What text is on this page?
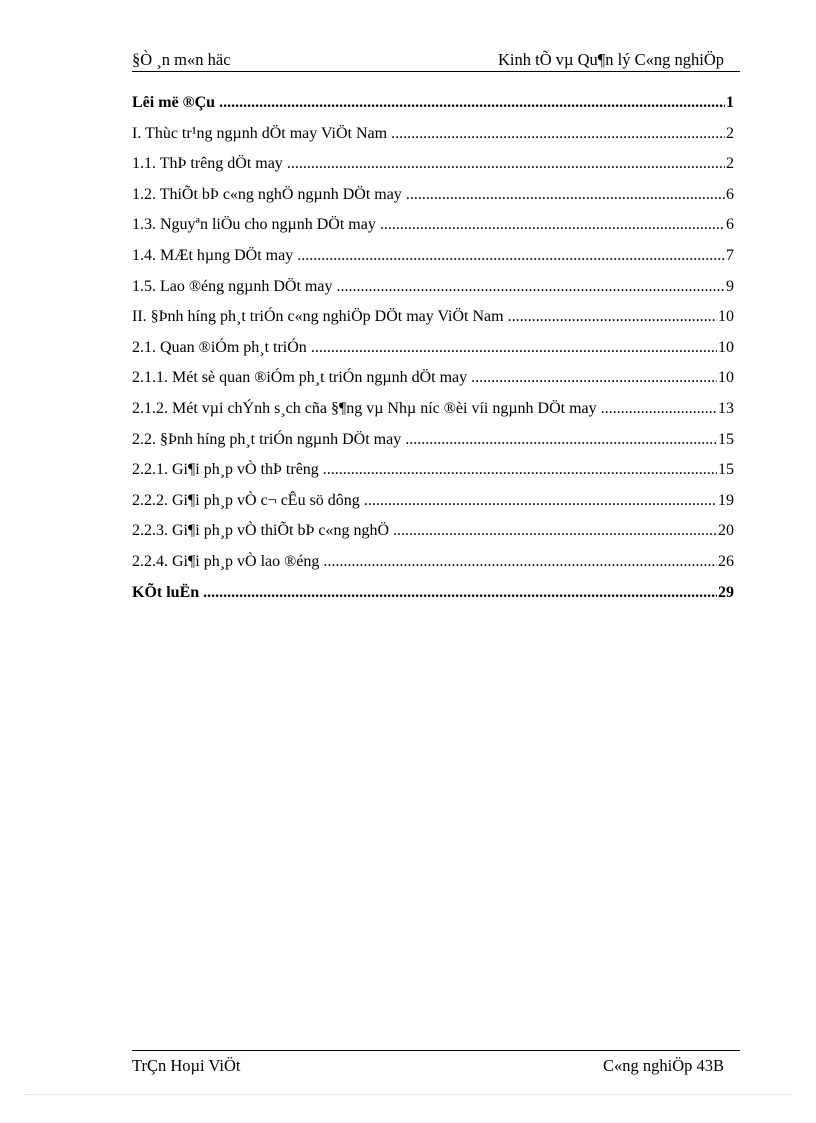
§Ò ¸n m«n häc	Kinh tÕ vµ Qu¶n lý C«ng nghiÖp
Lêi më ®Çu .....	1
I. Thùc tr¹ng ngµnh dÖt may ViÖt Nam .....	2
1.1. ThÞ trêng dÖt may .....	2
1.2. ThiÕt bÞ c«ng nghÖ ngµnh DÖt may .....	6
1.3. Nguyªn liÖu cho ngµnh DÖt may .....	6
1.4. MÆt hµng DÖt may .....	7
1.5. Lao ®éng ngµnh DÖt may .....	9
II. §Þnh híng ph¸t triÓn c«ng nghiÖp DÖt may ViÖt Nam .....	10
2.1. Quan ®iÓm ph¸t triÓn .....	10
2.1.1. Mét sè quan ®iÓm ph¸t triÓn ngµnh dÖt may .....	10
2.1.2. Mét vµi chÝnh s¸ch cña §¶ng vµ Nhµ níc ®èi víi ngµnh DÖt may .....	13
2.2. §Þnh híng ph¸t triÓn ngµnh DÖt may .....	15
2.2.1. Gi¶i ph¸p vÒ thÞ trêng .....	15
2.2.2. Gi¶i ph¸p vÒ c¬ cÊu sö dông .....	19
2.2.3. Gi¶i ph¸p vÒ thiÕt bÞ c«ng nghÖ .....	20
2.2.4. Gi¶i ph¸p vÒ lao ®éng .....	26
KÕt luËn .....	29
TrÇn Hoµi ViÖt	C«ng nghiÖp 43B
